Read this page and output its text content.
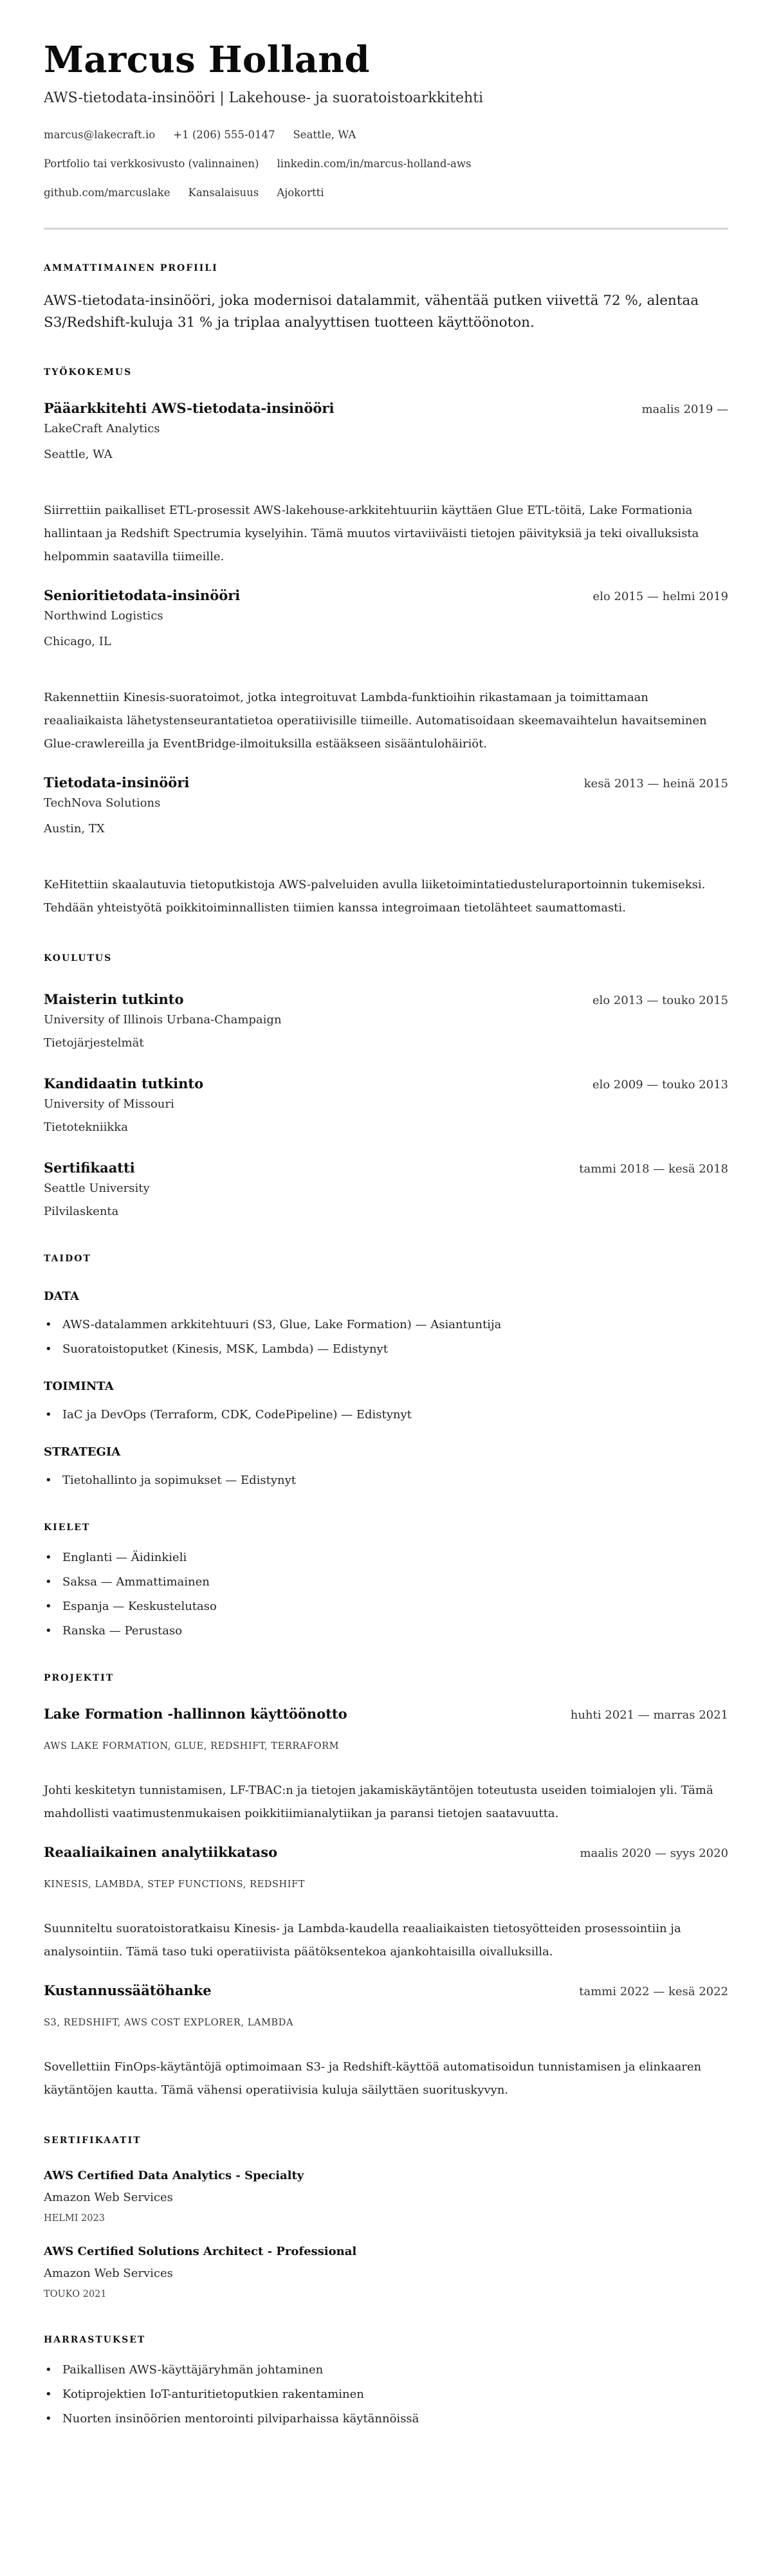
Marcus Holland
AWS-tietodata-insinööri | Lakehouse- ja suoratoistoarkkitehti
marcus@lakecraft.io +1 (206) 555-0147 Seattle, WA
Portfolio tai verkkosivusto (valinnainen) linkedin.com/in/marcus-holland-aws
github.com/marcuslake Kansalaisuus Ajokortti
AMMATTIMAINEN PROFIILI

AWS-tietodata-insinööri, joka modernisoi datalammit, vähentää putken viivettä 72 %, alentaa S3/Redshift-kuluja 31 % ja triplaa analyyttisen tuotteen käyttöönoton.

TYÖKOKEMUS
Pääarkkitehti AWS-tietodata-insinööri	maalis 2019 —
LakeCraft Analytics
Seattle, WA

Siirrettiin paikalliset ETL-prosessit AWS-lakehouse-arkkitehtuuriin käyttäen Glue ETL-töitä, Lake Formationia hallintaan ja Redshift Spectrumia kyselyihin. Tämä muutos virtaviiväisti tietojen päivityksiä ja teki oivalluksista helpommin saatavilla tiimeille.

Senioritietodata-insinööri	elo 2015 — helmi 2019
Northwind Logistics
Chicago, IL

Rakennettiin Kinesis-suoratoimot, jotka integroituvat Lambda-funktioihin rikastamaan ja toimittamaan reaaliaikaista lähetystenseurantatietoa operatiivisille tiimeille. Automatisoidaan skeemavaihtelun havaitseminen Glue-crawlereilla ja EventBridge-ilmoituksilla estääkseen sisääntulohäiriöt.

Tietodata-insinööri	kesä 2013 — heinä 2015
TechNova Solutions
Austin, TX

KeHitettiin skaalautuvia tietoputkistoja AWS-palveluiden avulla liiketoimintatiedusteluraportoinnin tukemiseksi. Tehdään yhteistyötä poikkitoiminnallisten tiimien kanssa integroimaan tietolähteet saumattomasti.

KOULUTUS
Maisterin tutkinto	elo 2013 — touko 2015
University of Illinois Urbana-Champaign
Tietojärjestelmät
Kandidaatin tutkinto	elo 2009 — touko 2013
University of Missouri
Tietotekniikka
Sertifikaatti	tammi 2018 — kesä 2018
Seattle University
Pilvilaskenta
TAIDOT
DATA
• AWS-datalammen arkkitehtuuri (S3, Glue, Lake Formation) — Asiantuntija
• Suoratoistoputket (Kinesis, MSK, Lambda) — Edistynyt
TOIMINTA
• IaC ja DevOps (Terraform, CDK, CodePipeline) — Edistynyt
STRATEGIA
• Tietohallinto ja sopimukset — Edistynyt
KIELET
• Englanti — Äidinkieli
• Saksa — Ammattimainen
• Espanja — Keskustelutaso
• Ranska — Perustaso
PROJEKTIT
Lake Formation -hallinnon käyttöönotto	huhti 2021 — marras 2021
AWS LAKE FORMATION, GLUE, REDSHIFT, TERRAFORM

Johti keskitetyn tunnistamisen, LF-TBAC:n ja tietojen jakamiskäytäntöjen toteutusta useiden toimialojen yli. Tämä mahdollisti vaatimustenmukaisen poikkitiimianalytiikan ja paransi tietojen saatavuutta.

Reaaliaikainen analytiikkataso	maalis 2020 — syys 2020
KINESIS, LAMBDA, STEP FUNCTIONS, REDSHIFT

Suunniteltu suoratoistoratkaisu Kinesis- ja Lambda-kaudella reaaliaikaisten tietosyötteiden prosessointiin ja analysointiin. Tämä taso tuki operatiivista päätöksentekoa ajankohtaisilla oivalluksilla.

Kustannussäätöhanke	tammi 2022 — kesä 2022
S3, REDSHIFT, AWS COST EXPLORER, LAMBDA

Sovellettiin FinOps-käytäntöjä optimoimaan S3- ja Redshift-käyttöä automatisoidun tunnistamisen ja elinkaaren käytäntöjen kautta. Tämä vähensi operatiivisia kuluja säilyttäen suorituskyvyn.

SERTIFIKAATIT
AWS Certified Data Analytics - Specialty
Amazon Web Services
HELMI 2023
AWS Certified Solutions Architect - Professional
Amazon Web Services
TOUKO 2021
HARRASTUKSET
• Paikallisen AWS-käyttäjäryhmän johtaminen
• Kotiprojektien IoT-anturitietoputkien rakentaminen
• Nuorten insinöörien mentorointi pilviparhaissa käytännöissä
